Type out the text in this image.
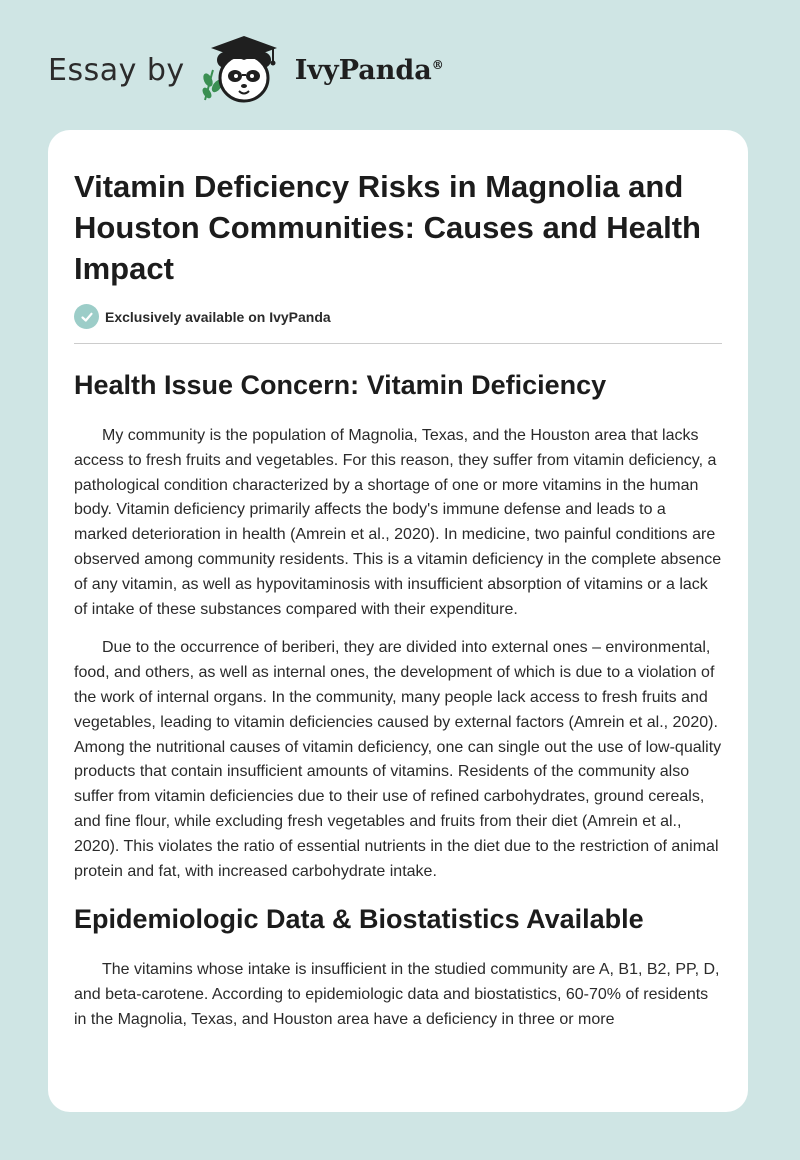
Essay by	IvyPanda®
Vitamin Deficiency Risks in Magnolia and Houston Communities: Causes and Health Impact
Exclusively available on IvyPanda
Health Issue Concern: Vitamin Deficiency

My community is the population of Magnolia, Texas, and the Houston area that lacks access to fresh fruits and vegetables. For this reason, they suffer from vitamin deficiency, a pathological condition characterized by a shortage of one or more vitamins in the human body. Vitamin deficiency primarily affects the body's immune defense and leads to a marked deterioration in health (Amrein et al., 2020). In medicine, two painful conditions are observed among community residents. This is a vitamin deficiency in the complete absence of any vitamin, as well as hypovitaminosis with insufficient absorption of vitamins or a lack of intake of these substances compared with their expenditure.

Due to the occurrence of beriberi, they are divided into external ones – environmental, food, and others, as well as internal ones, the development of which is due to a violation of the work of internal organs. In the community, many people lack access to fresh fruits and vegetables, leading to vitamin deficiencies caused by external factors (Amrein et al., 2020). Among the nutritional causes of vitamin deficiency, one can single out the use of low-quality products that contain insufficient amounts of vitamins. Residents of the community also suffer from vitamin deficiencies due to their use of refined carbohydrates, ground cereals, and fine flour, while excluding fresh vegetables and fruits from their diet (Amrein et al., 2020). This violates the ratio of essential nutrients in the diet due to the restriction of animal protein and fat, with increased carbohydrate intake.

Epidemiologic Data & Biostatistics Available

The vitamins whose intake is insufficient in the studied community are A, B1, B2, PP, D, and beta-carotene. According to epidemiologic data and biostatistics, 60-70% of residents in the Magnolia, Texas, and Houston area have a deficiency in three or more
